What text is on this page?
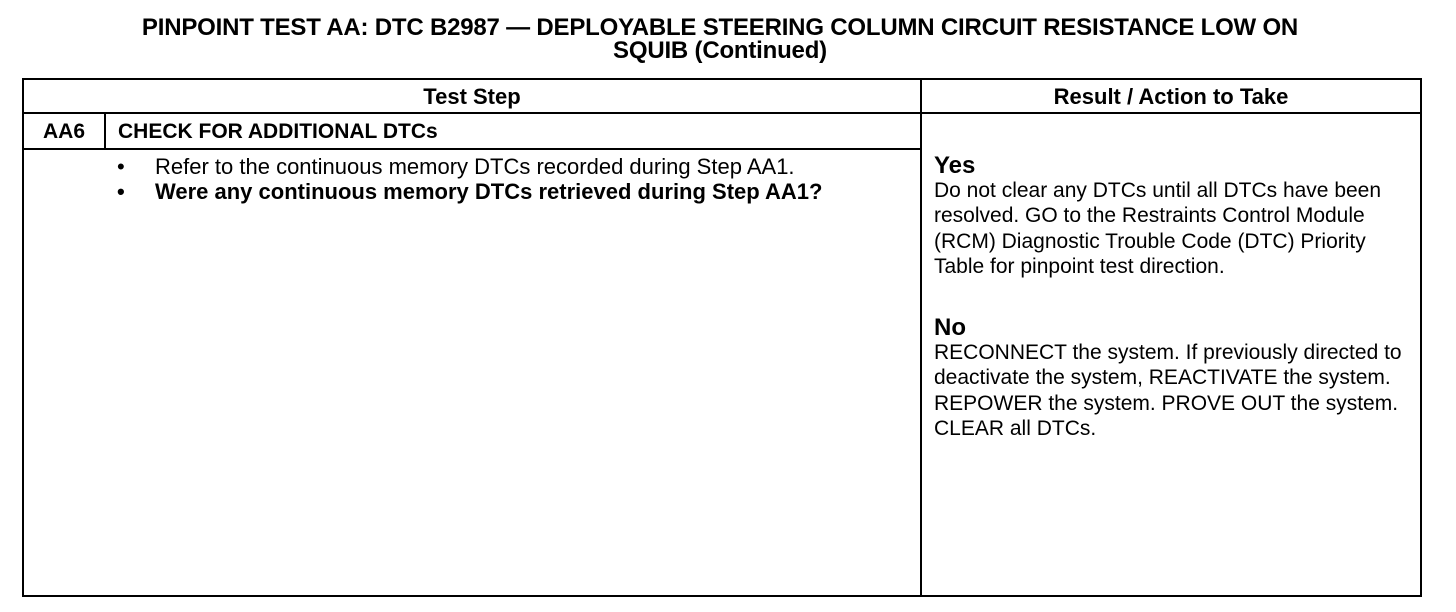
PINPOINT TEST AA: DTC B2987 — DEPLOYABLE STEERING COLUMN CIRCUIT RESISTANCE LOW ON
SQUIB (Continued)
Test Step	Result / Action to Take
AA6	CHECK FOR ADDITIONAL DTCs
• Refer to the continuous memory DTCs recorded during Step AA1.
• Were any continuous memory DTCs retrieved during Step AA1?
Yes
Do not clear any DTCs until all DTCs have been resolved. GO to the Restraints Control Module (RCM) Diagnostic Trouble Code (DTC) Priority Table for pinpoint test direction.
No
RECONNECT the system. If previously directed to deactivate the system, REACTIVATE the system. REPOWER the system. PROVE OUT the system. CLEAR all DTCs.
